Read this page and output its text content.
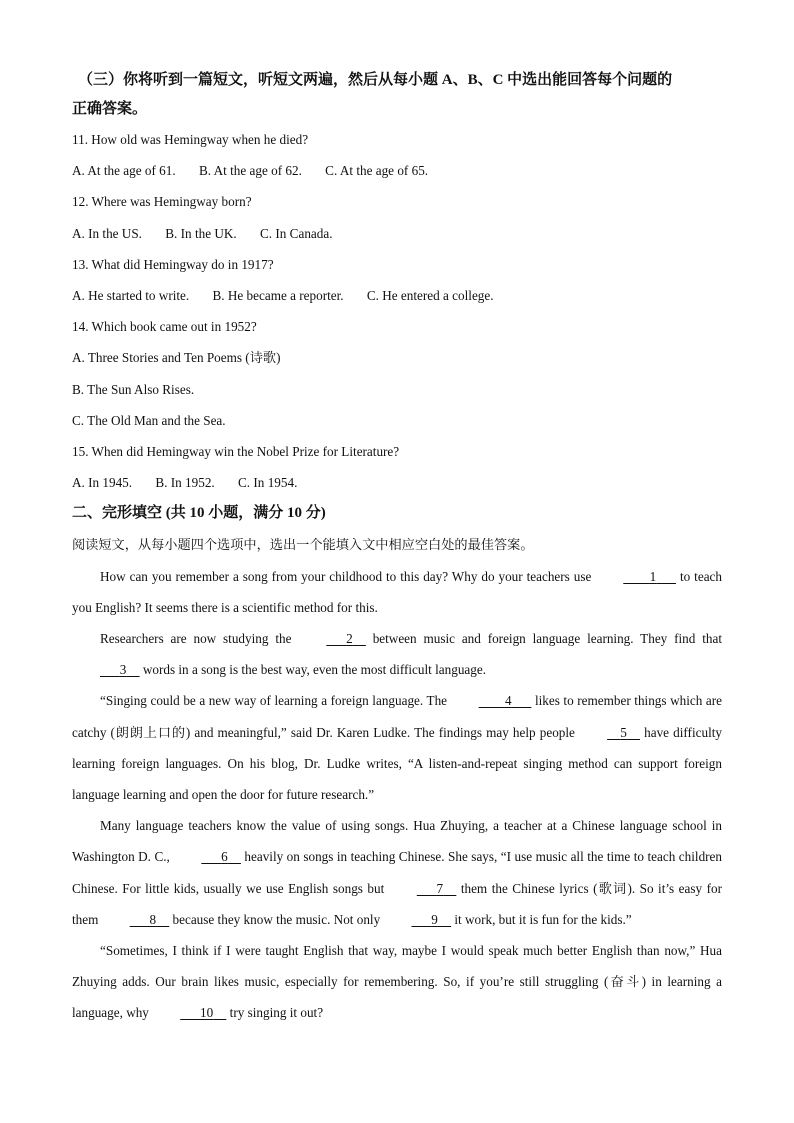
（三）你将听到一篇短文，听短文两遍，然后从每小题 A、B、C 中选出能回答每个问题的

正确答案。

11. How old was Hemingway when he died?

A. At the age of 61. B. At the age of 62. C. At the age of 65.

12. Where was Hemingway born?

A. In the US. B. In the UK. C. In Canada.

13. What did Hemingway do in 1917?

A. He started to write. B. He became a reporter. C. He entered a college.

14. Which book came out in 1952?

A. Three Stories and Ten Poems (诗歌)

B. The Sun Also Rises.

C. The Old Man and the Sea.

15. When did Hemingway win the Nobel Prize for Literature?

A. In 1945. B. In 1952. C. In 1954.

二、完形填空 (共 10 小题，满分 10 分)

阅读短文，从每小题四个选项中，选出一个能填入文中相应空白处的最佳答案。

How can you remember a song from your childhood to this day? Why do your teachers use     	1    to teach you English? It seems there is a scientific method for this.

Researchers are now studying the    	2   between music and foreign language learning. They find that    3   words in a song is the best way, even the most difficult language.

“Singing could be a new way of learning a foreign language. The     	4    likes to remember things which are catchy (朗朗上口的) and meaningful,” said Dr. Karen Ludke. The findings may help people   	5   have difficulty learning foreign languages. On his blog, Dr. Ludke writes, “A listen-and-repeat singing method can support foreign language learning and open the door for future research.”

Many language teachers know the value of using songs. Hua Zhuying, a teacher at a Chinese language school in Washington D. C.,    	6   heavily on songs in teaching Chinese. She says, “I use music all the time to teach children Chinese. For little kids, usually we use English songs but    	7   them the Chinese lyrics (歌词). So it’s easy for them    	8   because they know the music. Not only    	9   it work, but it is fun for the kids.”

“Sometimes, I think if I were taught English that way, maybe I would speak much better English than now,” Hua Zhuying adds. Our brain likes music, especially for remembering. So, if you’re still struggling (奋斗) in learning a language, why    	10   try singing it out?
